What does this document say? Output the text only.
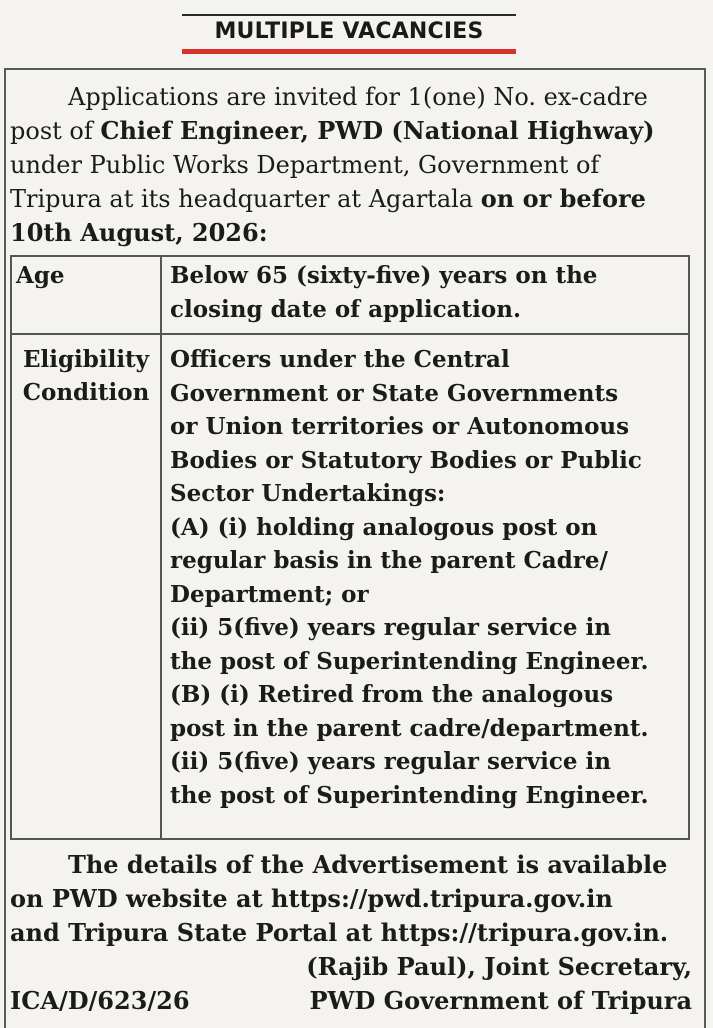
MULTIPLE VACANCIES
Applications are invited for 1(one) No. ex-cadre
post of Chief Engineer, PWD (National Highway)
under Public Works Department, Government of
Tripura at its headquarter at Agartala on or before
10th August, 2026:
Age	Below 65 (sixty-five) years on the
closing date of application.
Eligibility
Condition
Officers under the Central
Government or State Governments
or Union territories or Autonomous
Bodies or Statutory Bodies or Public
Sector Undertakings:
(A) (i) holding analogous post on
regular basis in the parent Cadre/
Department; or
(ii) 5(five) years regular service in
the post of Superintending Engineer.
(B) (i) Retired from the analogous
post in the parent cadre/department.
(ii) 5(five) years regular service in
the post of Superintending Engineer.
The details of the Advertisement is available
on PWD website at https://pwd.tripura.gov.in
and Tripura State Portal at https://tripura.gov.in.
(Rajib Paul), Joint Secretary,
ICA/D/623/26	PWD Government of Tripura
